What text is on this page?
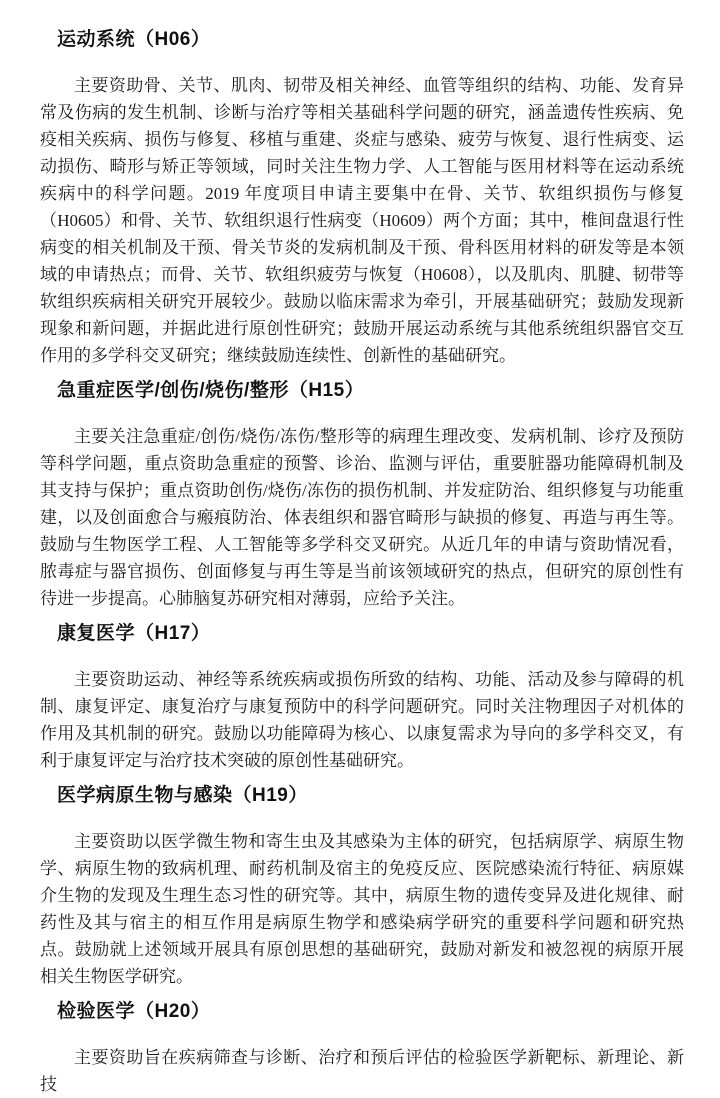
运动系统（H06）

主要资助骨、关节、肌肉、韧带及相关神经、血管等组织的结构、功能、发育异常及伤病的发生机制、诊断与治疗等相关基础科学问题的研究，涵盖遗传性疾病、免疫相关疾病、损伤与修复、移植与重建、炎症与感染、疲劳与恢复、退行性病变、运动损伤、畸形与矫正等领域，同时关注生物力学、人工智能与医用材料等在运动系统疾病中的科学问题。2019 年度项目申请主要集中在骨、关节、软组织损伤与修复（H0605）和骨、关节、软组织退行性病变（H0609）两个方面；其中，椎间盘退行性病变的相关机制及干预、骨关节炎的发病机制及干预、骨科医用材料的研发等是本领域的申请热点；而骨、关节、软组织疲劳与恢复（H0608），以及肌肉、肌腱、韧带等软组织疾病相关研究开展较少。鼓励以临床需求为牵引，开展基础研究；鼓励发现新现象和新问题，并据此进行原创性研究；鼓励开展运动系统与其他系统组织器官交互作用的多学科交叉研究；继续鼓励连续性、创新性的基础研究。

急重症医学/创伤/烧伤/整形（H15）

主要关注急重症/创伤/烧伤/冻伤/整形等的病理生理改变、发病机制、诊疗及预防等科学问题，重点资助急重症的预警、诊治、监测与评估，重要脏器功能障碍机制及其支持与保护；重点资助创伤/烧伤/冻伤的损伤机制、并发症防治、组织修复与功能重建，以及创面愈合与瘢痕防治、体表组织和器官畸形与缺损的修复、再造与再生等。鼓励与生物医学工程、人工智能等多学科交叉研究。从近几年的申请与资助情况看，脓毒症与器官损伤、创面修复与再生等是当前该领域研究的热点，但研究的原创性有待进一步提高。心肺脑复苏研究相对薄弱，应给予关注。

康复医学（H17）

主要资助运动、神经等系统疾病或损伤所致的结构、功能、活动及参与障碍的机制、康复评定、康复治疗与康复预防中的科学问题研究。同时关注物理因子对机体的作用及其机制的研究。鼓励以功能障碍为核心、以康复需求为导向的多学科交叉，有利于康复评定与治疗技术突破的原创性基础研究。

医学病原生物与感染（H19）

主要资助以医学微生物和寄生虫及其感染为主体的研究，包括病原学、病原生物学、病原生物的致病机理、耐药机制及宿主的免疫反应、医院感染流行特征、病原媒介生物的发现及生理生态习性的研究等。其中，病原生物的遗传变异及进化规律、耐药性及其与宿主的相互作用是病原生物学和感染病学研究的重要科学问题和研究热点。鼓励就上述领域开展具有原创思想的基础研究，鼓励对新发和被忽视的病原开展相关生物医学研究。

检验医学（H20）

主要资助旨在疾病筛查与诊断、治疗和预后评估的检验医学新靶标、新理论、新技
